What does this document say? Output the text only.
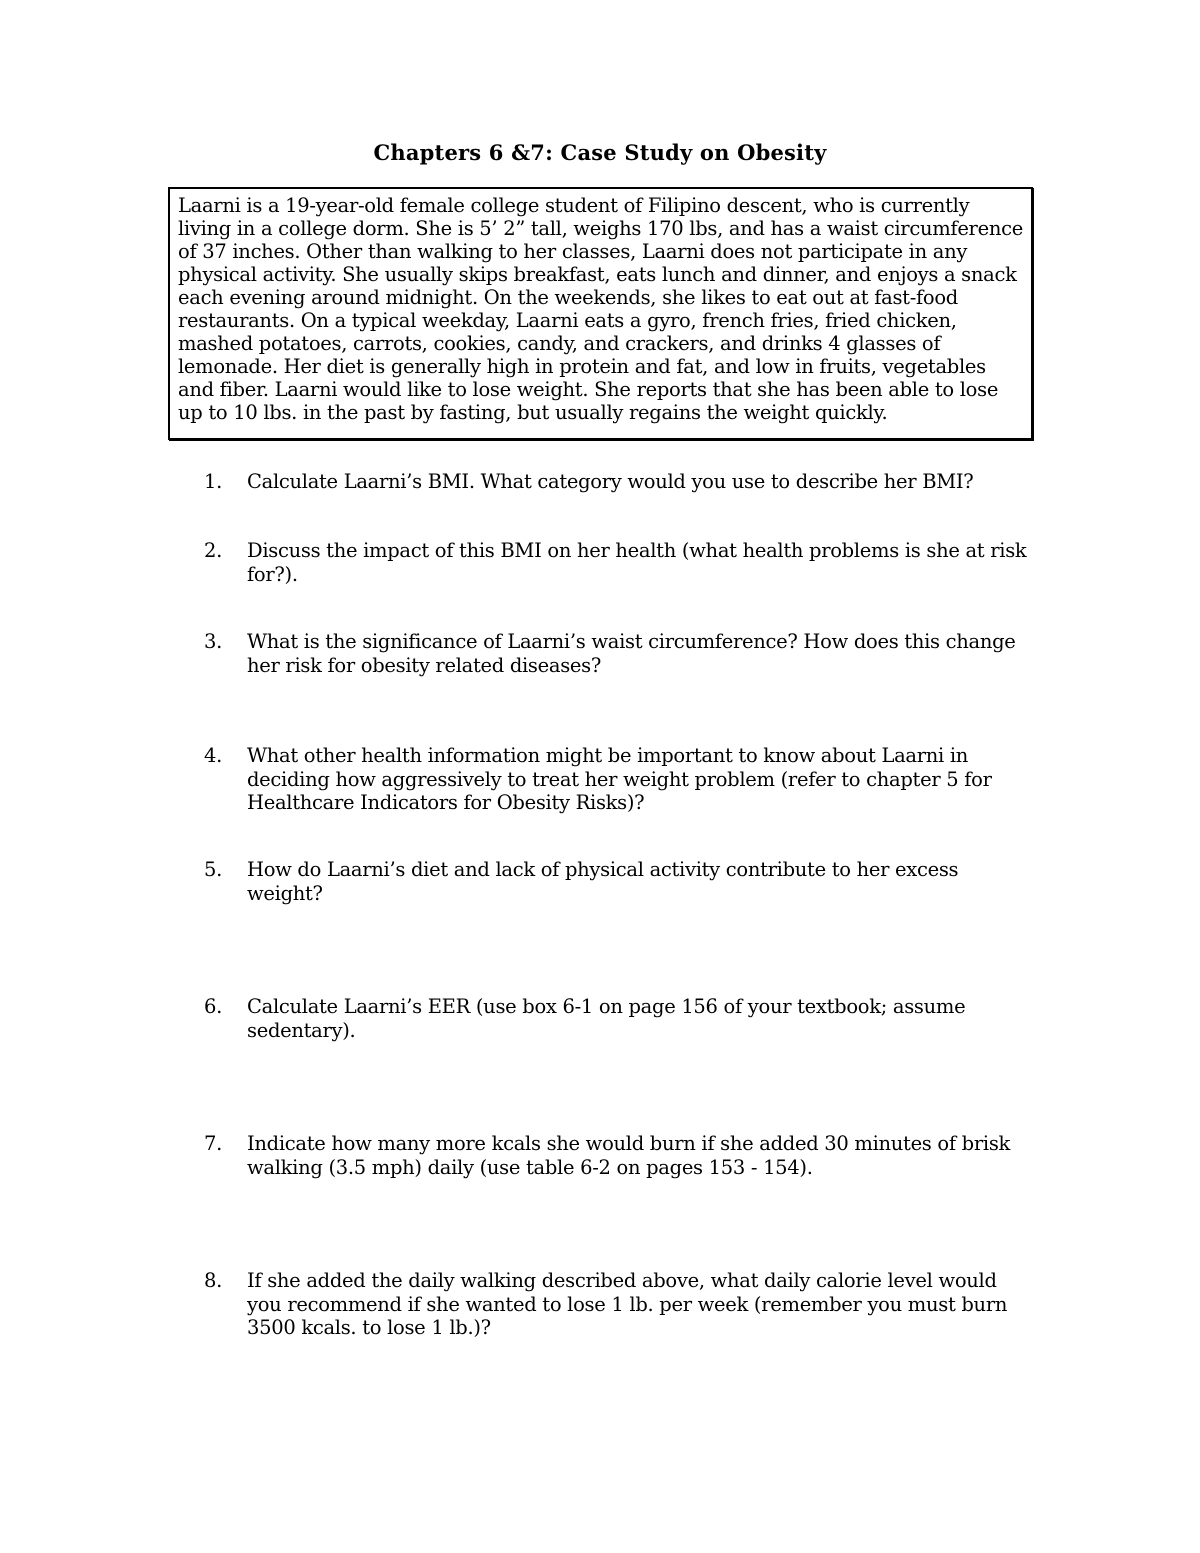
Chapters 6 &7: Case Study on Obesity

Laarni is a 19-year-old female college student of Filipino descent, who is currently living in a college dorm. She is 5’ 2” tall, weighs 170 lbs, and has a waist circumference of 37 inches. Other than walking to her classes, Laarni does not participate in any physical activity. She usually skips breakfast, eats lunch and dinner, and enjoys a snack each evening around midnight. On the weekends, she likes to eat out at fast-food restaurants. On a typical weekday, Laarni eats a gyro, french fries, fried chicken, mashed potatoes, carrots, cookies, candy, and crackers, and drinks 4 glasses of lemonade. Her diet is generally high in protein and fat, and low in fruits, vegetables and fiber. Laarni would like to lose weight. She reports that she has been able to lose up to 10 lbs. in the past by fasting, but usually regains the weight quickly.

1.	Calculate Laarni’s BMI. What category would you use to describe her BMI?
2.	Discuss the impact of this BMI on her health (what health problems is she at risk for?).
3.	What is the significance of Laarni’s waist circumference? How does this change her risk for obesity related diseases?
4.	What other health information might be important to know about Laarni in deciding how aggressively to treat her weight problem (refer to chapter 5 for Healthcare Indicators for Obesity Risks)?
5.	How do Laarni’s diet and lack of physical activity contribute to her excess weight?
6.	Calculate Laarni’s EER (use box 6-1 on page 156 of your textbook; assume sedentary).
7.	Indicate how many more kcals she would burn if she added 30 minutes of brisk walking (3.5 mph) daily (use table 6-2 on pages 153 - 154).
8.	If she added the daily walking described above, what daily calorie level would you recommend if she wanted to lose 1 lb. per week (remember you must burn 3500 kcals. to lose 1 lb.)?
